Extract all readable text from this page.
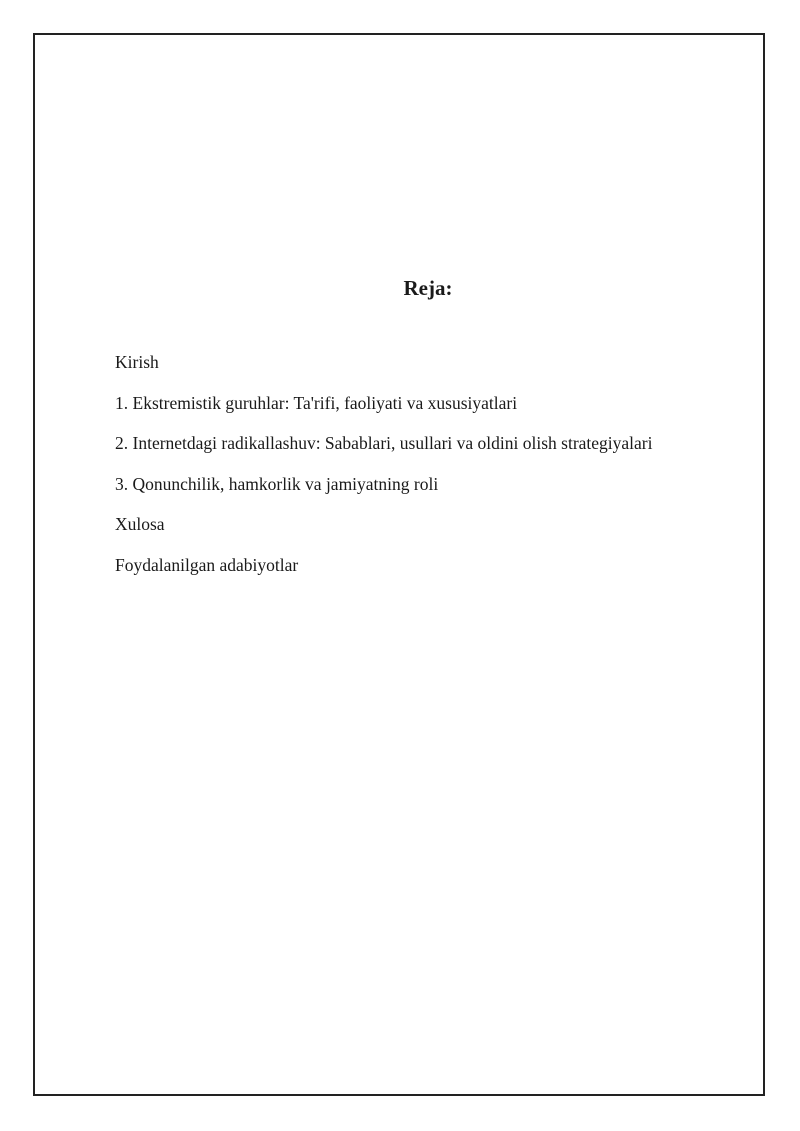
Reja:
Kirish
1. Ekstremistik guruhlar: Ta'rifi, faoliyati va xususiyatlari
2. Internetdagi radikallashuv: Sabablari, usullari va oldini olish strategiyalari
3. Qonunchilik, hamkorlik va jamiyatning roli
Xulosa
Foydalanilgan adabiyotlar
